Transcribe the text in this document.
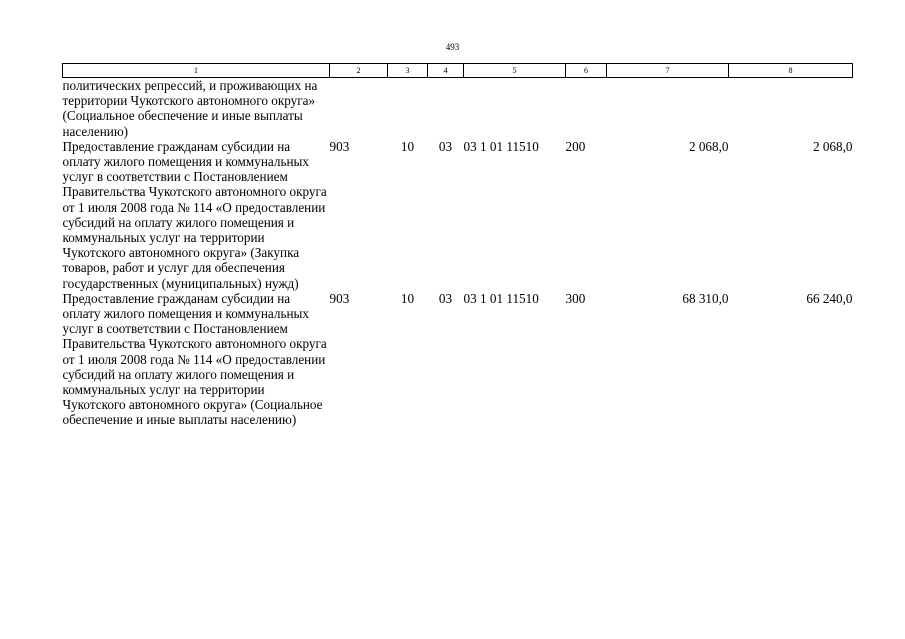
493
1	2	3	4	5	6	7	8
политических репрессий, и проживающих на территории Чукотского автономного округа» (Социальное обеспечение и иные выплаты населению)							
Предоставление гражданам субсидии на оплату жилого помещения и коммунальных услуг в соответствии с Постановлением Правительства Чукотского автономного округа от 1 июля 2008 года № 114 «О предоставлении субсидий на оплату жилого помещения и коммунальных услуг на территории Чукотского автономного округа» (Закупка товаров, работ и услуг для обеспечения государственных (муниципальных) нужд)	903	10	03	03 1 01 11510	200	2 068,0	2 068,0
Предоставление гражданам субсидии на оплату жилого помещения и коммунальных услуг в соответствии с Постановлением Правительства Чукотского автономного округа от 1 июля 2008 года № 114 «О предоставлении субсидий на оплату жилого помещения и коммунальных услуг на территории Чукотского автономного округа» (Социальное обеспечение и иные выплаты населению)	903	10	03	03 1 01 11510	300	68 310,0	66 240,0
